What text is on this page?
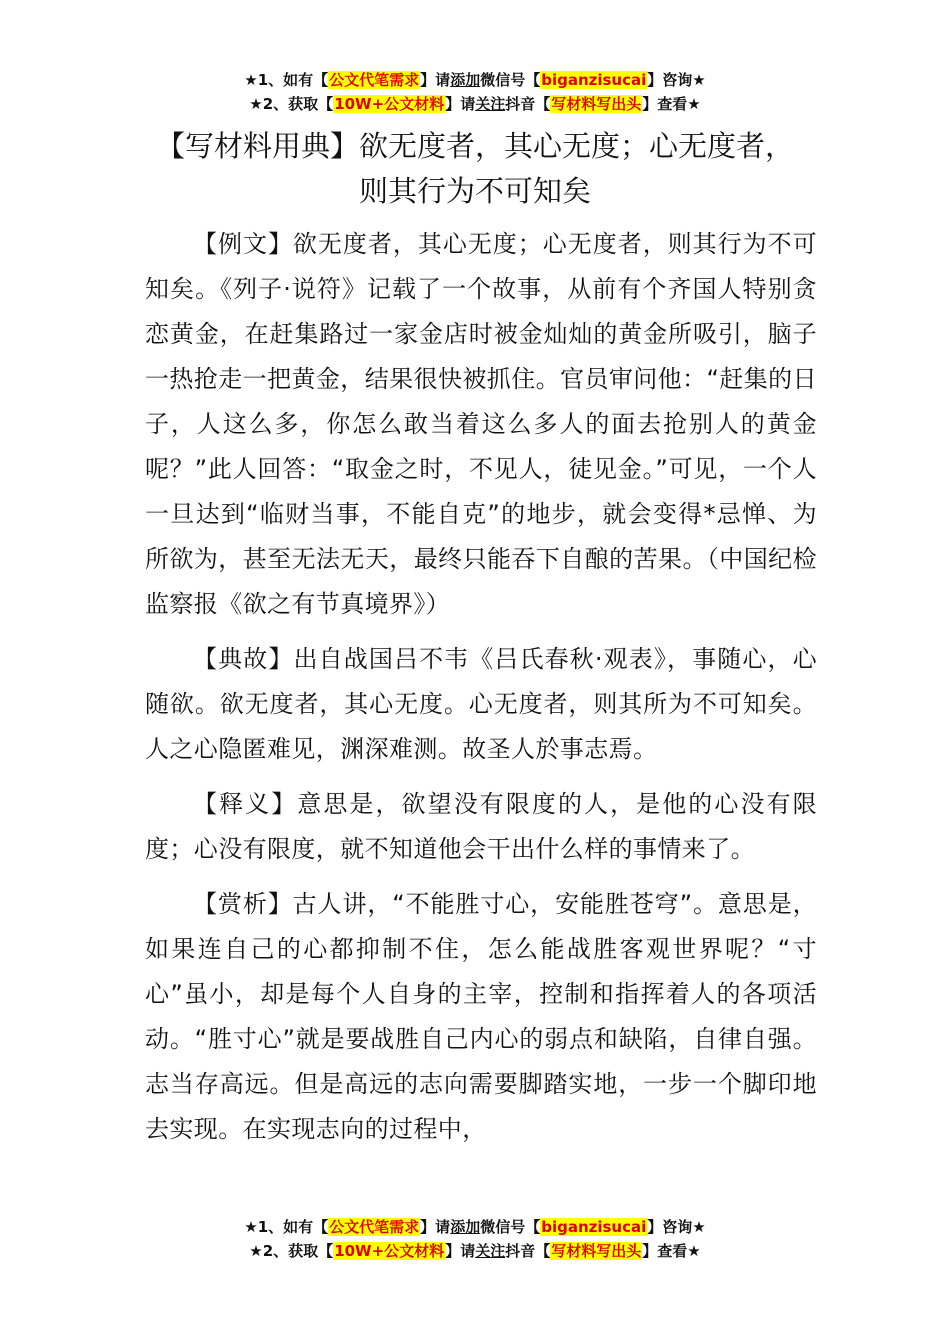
★1、如有【公文代笔需求】请添加微信号【biganzisucai】咨询★
★2、获取【10W+公文材料】请关注抖音【写材料写出头】查看★
【写材料用典】欲无度者，其心无度；心无度者，则其行为不可知矣

【例文】欲无度者，其心无度；心无度者，则其行为不可知矣。《列子·说符》记载了一个故事，从前有个齐国人特别贪恋黄金，在赶集路过一家金店时被金灿灿的黄金所吸引，脑子一热抢走一把黄金，结果很快被抓住。官员审问他：“赶集的日子，人这么多，你怎么敢当着这么多人的面去抢别人的黄金呢？”此人回答：“取金之时，不见人，徒见金。”可见，一个人一旦达到“临财当事，不能自克”的地步，就会变得*忌惮、为所欲为，甚至无法无天，最终只能吞下自酿的苦果。（中国纪检监察报《欲之有节真境界》）

【典故】出自战国吕不韦《吕氏春秋·观表》，事随心，心随欲。欲无度者，其心无度。心无度者，则其所为不可知矣。人之心隐匿难见，渊深难测。故圣人於事志焉。

【释义】意思是，欲望没有限度的人，是他的心没有限度；心没有限度，就不知道他会干出什么样的事情来了。

【赏析】古人讲，“不能胜寸心，安能胜苍穹”。意思是，如果连自己的心都抑制不住，怎么能战胜客观世界呢？“寸心”虽小，却是每个人自身的主宰，控制和指挥着人的各项活动。“胜寸心”就是要战胜自己内心的弱点和缺陷，自律自强。志当存高远。但是高远的志向需要脚踏实地，一步一个脚印地去实现。在实现志向的过程中，

★1、如有【公文代笔需求】请添加微信号【biganzisucai】咨询★
★2、获取【10W+公文材料】请关注抖音【写材料写出头】查看★
